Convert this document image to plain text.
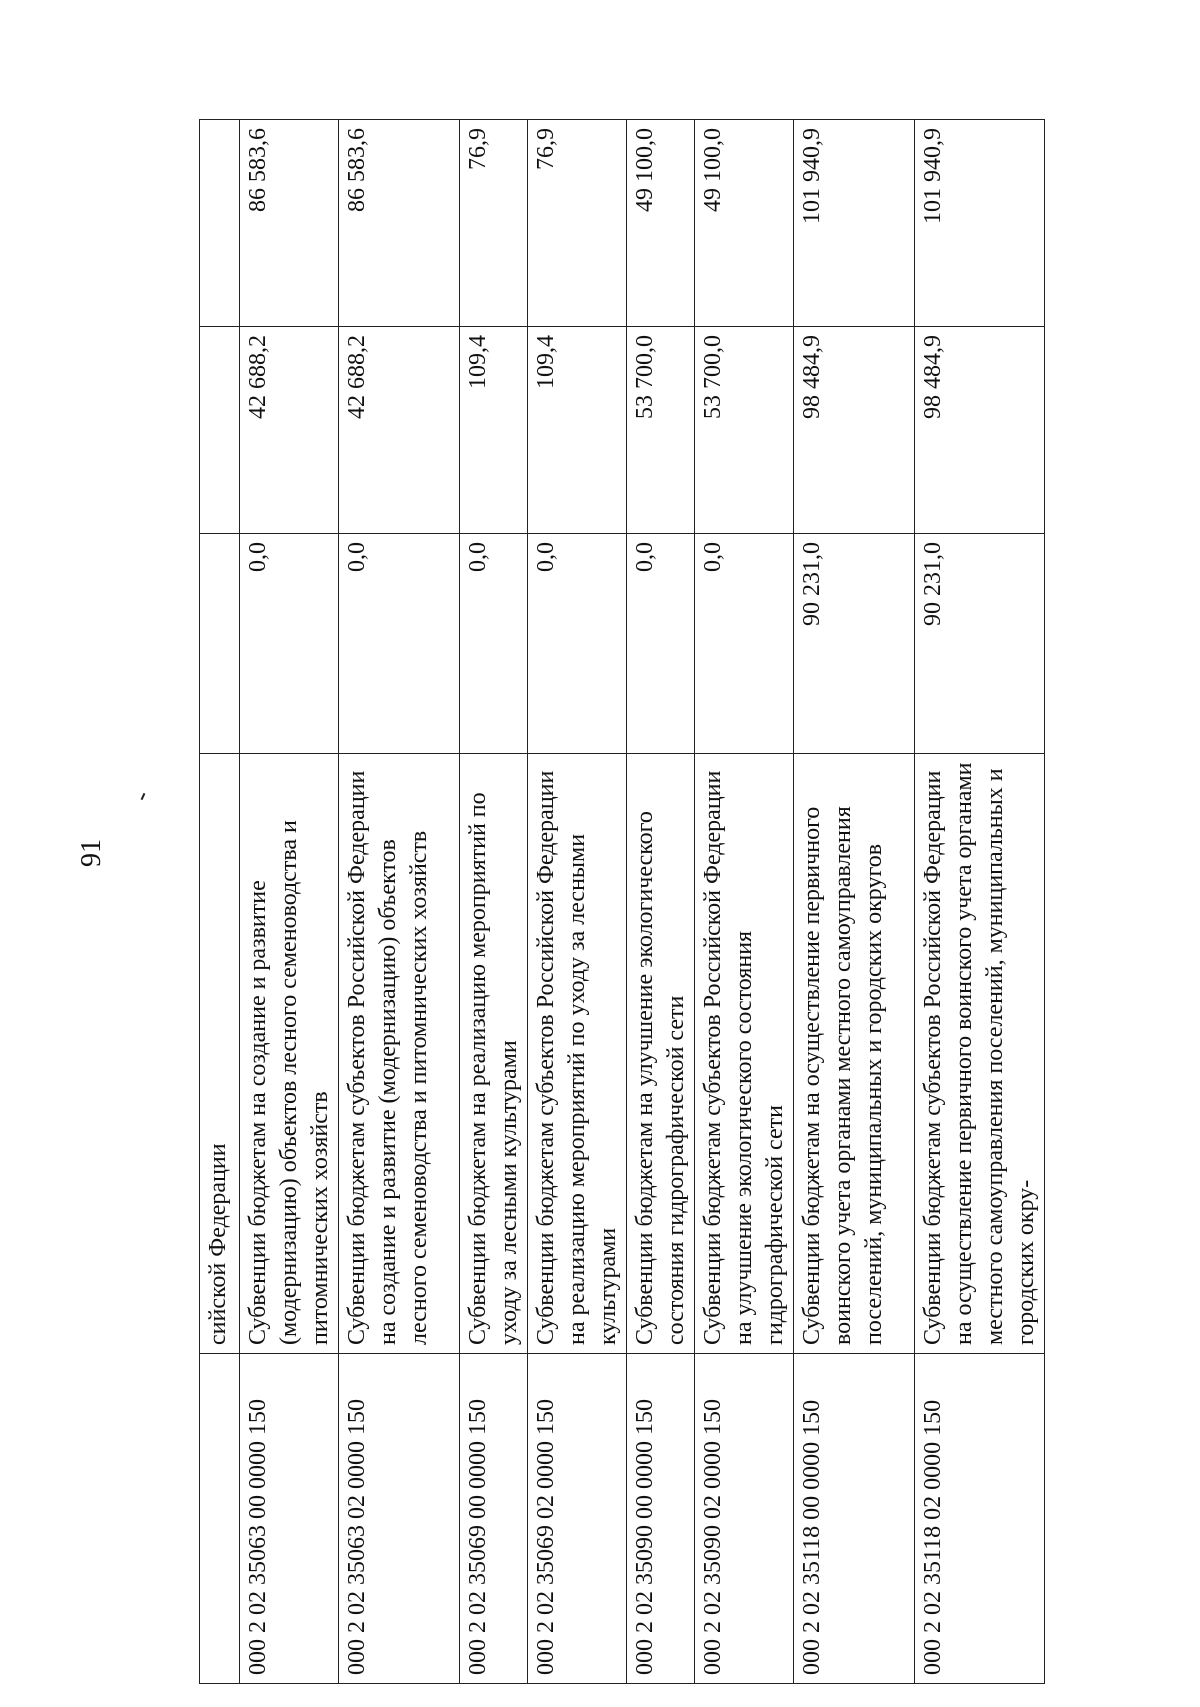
91
	сийской Федерации			
000 2 02 35063 00 0000 150	Субвенции бюджетам на создание и развитие (модернизацию) объектов лесного семеноводства и питомнических хозяйств	0,0	42 688,2	86 583,6
000 2 02 35063 02 0000 150	Субвенции бюджетам субъектов Российской Федерации на создание и развитие (модернизацию) объектов лесного семеноводства и питомнических хозяйств	0,0	42 688,2	86 583,6
000 2 02 35069 00 0000 150	Субвенции бюджетам на реализацию мероприятий по уходу за лесными культурами	0,0	109,4	76,9
000 2 02 35069 02 0000 150	Субвенции бюджетам субъектов Российской Федерации на реализацию мероприятий по уходу за лесными культурами	0,0	109,4	76,9
000 2 02 35090 00 0000 150	Субвенции бюджетам на улучшение экологического состояния гидрографической сети	0,0	53 700,0	49 100,0
000 2 02 35090 02 0000 150	Субвенции бюджетам субъектов Российской Федерации на улучшение экологического состояния гидрографической сети	0,0	53 700,0	49 100,0
000 2 02 35118 00 0000 150	Субвенции бюджетам на осуществление первичного воинского учета органами местного самоуправления поселений, муниципальных и городских округов	90 231,0	98 484,9	101 940,9
000 2 02 35118 02 0000 150	Субвенции бюджетам субъектов Российской Федерации на осуществление первичного воинского учета органами местного самоуправления поселений, муниципальных и городских окру-	90 231,0	98 484,9	101 940,9
